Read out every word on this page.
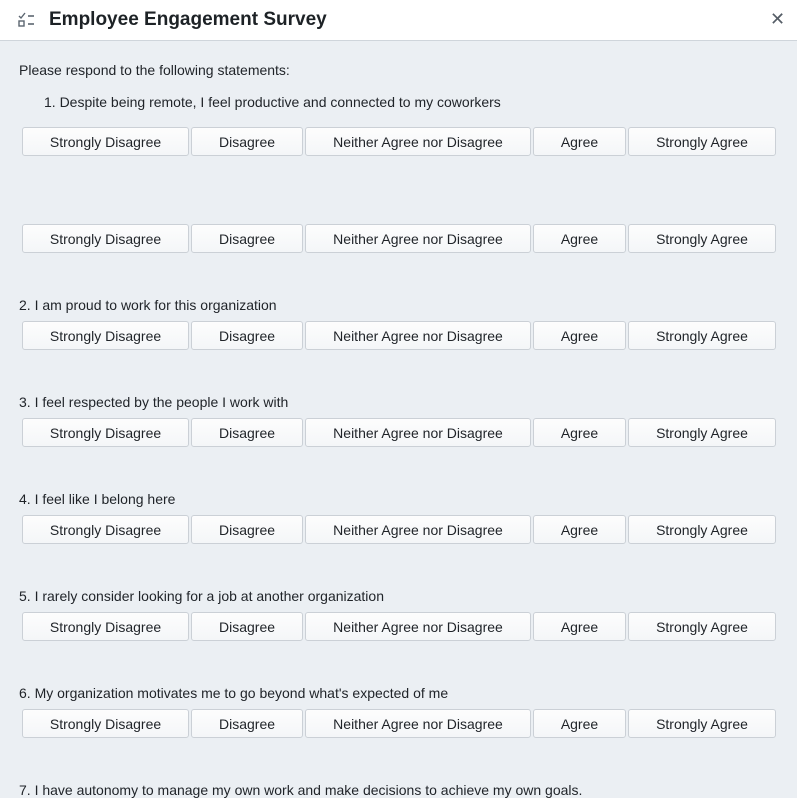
Employee Engagement Survey	✕
Please respond to the following statements:
1. Despite being remote, I feel productive and connected to my coworkers
Strongly Disagree	Disagree	Neither Agree nor Disagree	Agree	Strongly Agree
2. I am proud to work for this organization
Strongly Disagree	Disagree	Neither Agree nor Disagree	Agree	Strongly Agree
3. I feel respected by the people I work with
Strongly Disagree	Disagree	Neither Agree nor Disagree	Agree	Strongly Agree
4. I feel like I belong here
Strongly Disagree	Disagree	Neither Agree nor Disagree	Agree	Strongly Agree
5. I rarely consider looking for a job at another organization
Strongly Disagree	Disagree	Neither Agree nor Disagree	Agree	Strongly Agree
6. My organization motivates me to go beyond what's expected of me
Strongly Disagree	Disagree	Neither Agree nor Disagree	Agree	Strongly Agree
7. I have autonomy to manage my own work and make decisions to achieve my own goals.
Strongly Disagree	Disagree	Neither Agree nor Disagree	Agree	Strongly Agree
